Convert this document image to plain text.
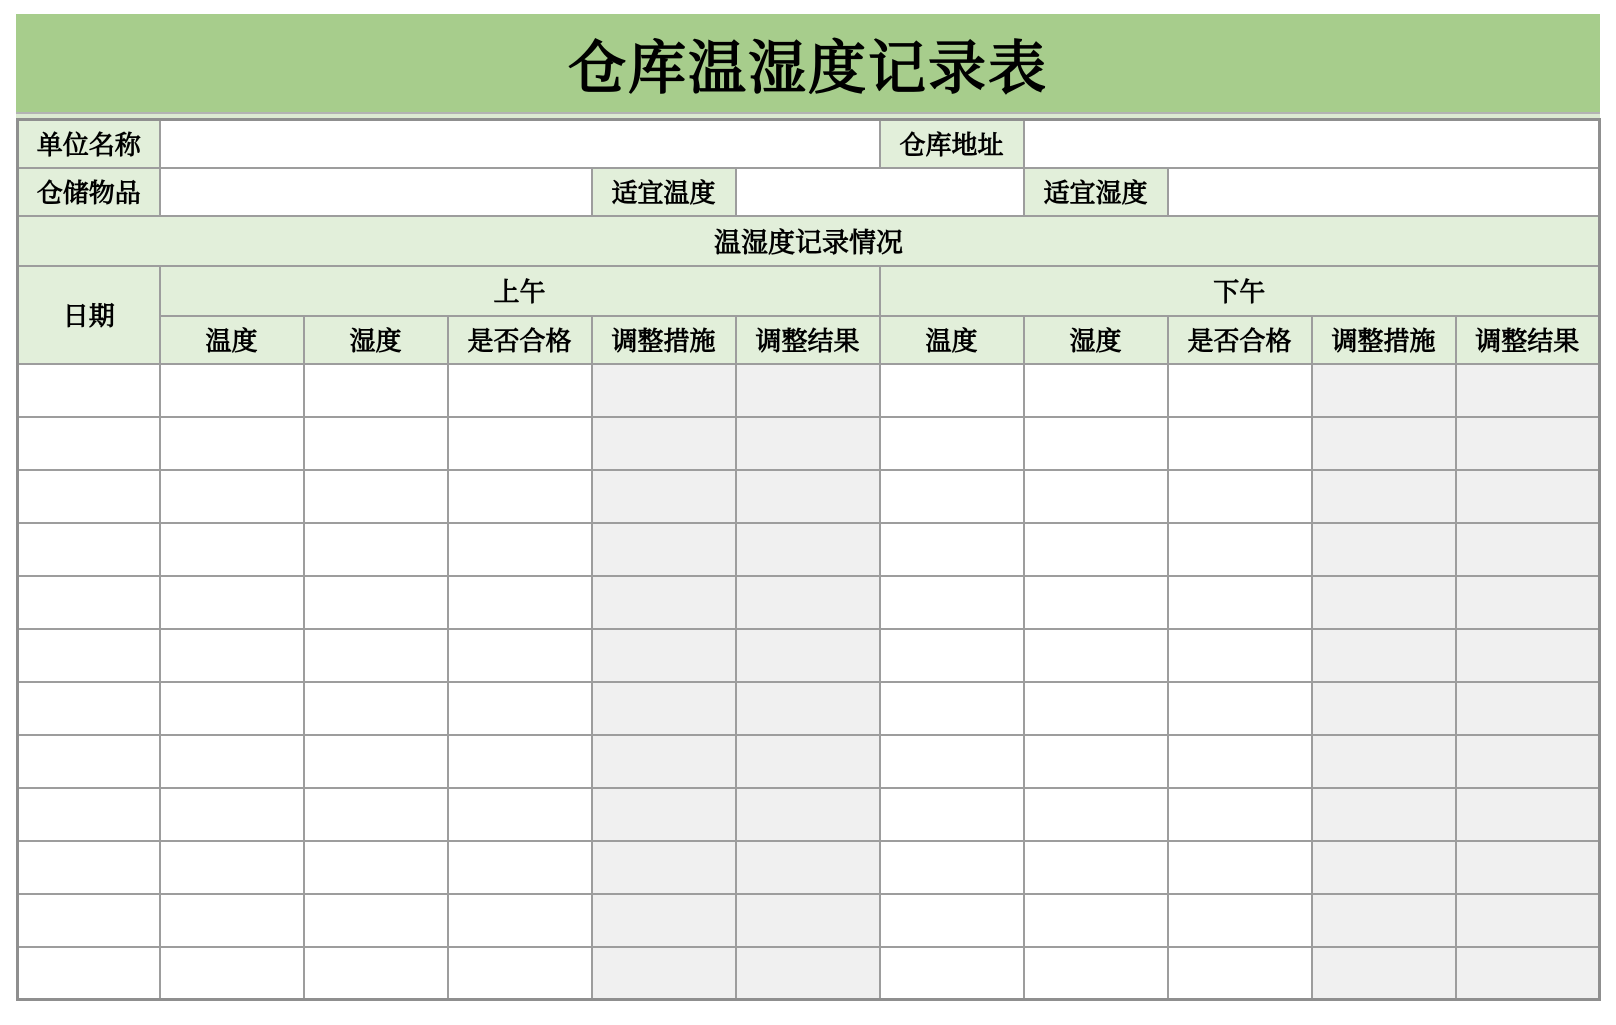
仓库温湿度记录表
单位名称						仓库地址				
仓储物品				适宜温度			适宜湿度			
温湿度记录情况										
日期	上午					下午				
	温度	湿度	是否合格	调整措施	调整结果	温度	湿度	是否合格	调整措施	调整结果
